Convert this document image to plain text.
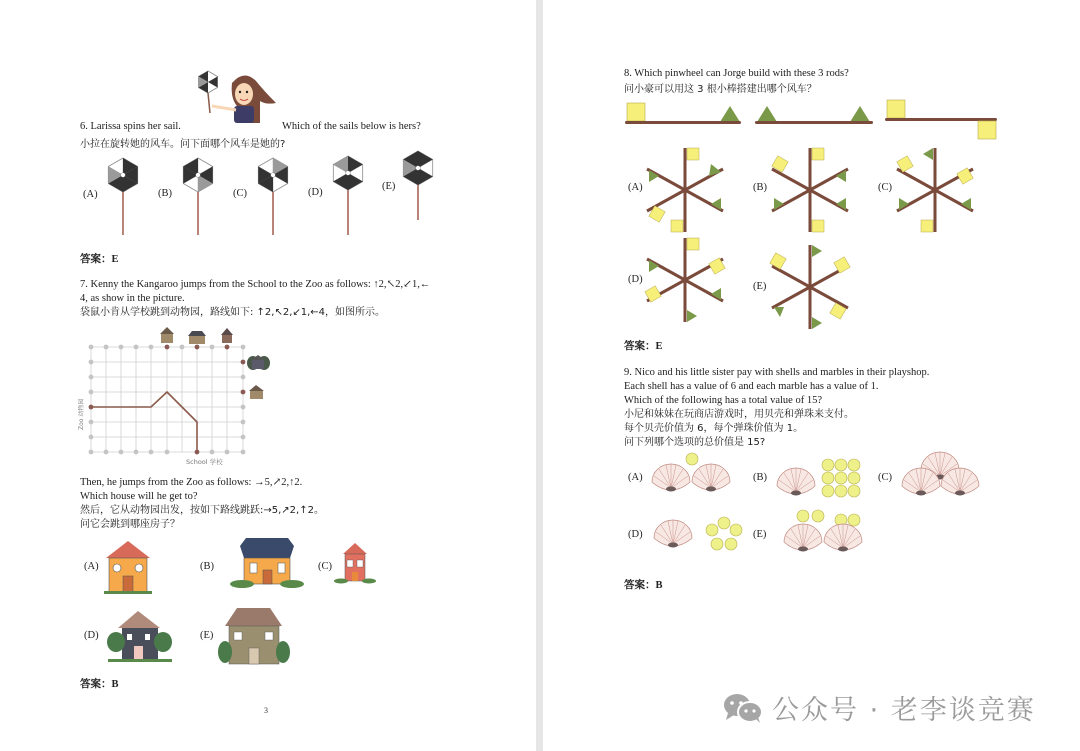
6. Larissa spins her sail.	Which of the sails below is hers?
小拉在旋转她的风车。问下面哪个风车是她的?
(A)	(B)	(C)	(D)
(E)
答案：E
7. Kenny the Kangaroo jumps from the School to the Zoo as follows: ↑2,↖2,↙1,←
4, as show in the picture.
袋鼠小肯从学校跳到动物园，路线如下: ↑2,↖2,↙1,←4，如图所示。
Zoo 动物园
School 学校
Then, he jumps from the Zoo as follows: →5,↗2,↑2.
Which house will he get to?
然后，它从动物园出发，按如下路线跳跃:→5,↗2,↑2。
问它会跳到哪座房子？
(A)	(B)	(C)
(D)	(E)
答案：B
3
8. Which pinwheel can Jorge build with these 3 rods?
问小豪可以用这 3 根小棒搭建出哪个风车？
(A)	(B)	(C)
(D)
(E)
答案：E
9. Nico and his little sister pay with shells and marbles in their playshop.
Each shell has a value of 6 and each marble has a value of 1.
Which of the following has a total value of 15?
小尼和妹妹在玩商店游戏时，用贝壳和弹珠来支付。
每个贝壳价值为 6，每个弹珠价值为 1。
问下列哪个选项的总价值是 15?
(A)	(B)	(C)
(D)	(E)
答案：B
公众号 · 老李谈竞赛
